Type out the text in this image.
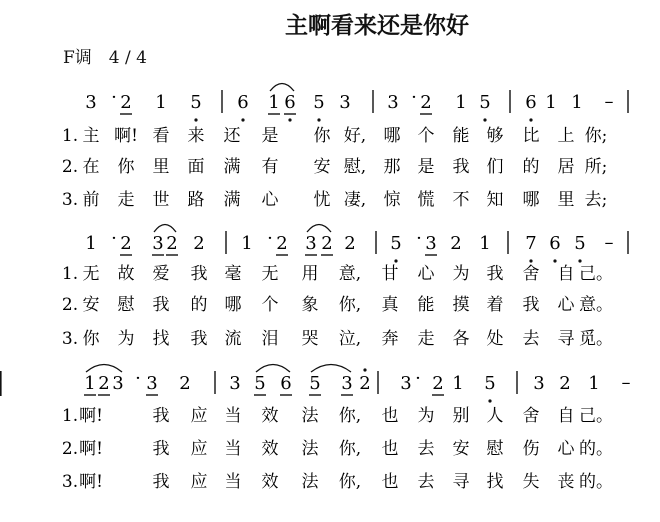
主啊看来还是你好
F调　4 / 4
3 · 2 1 5 6 1 6 5 3 3 · 2 1 5 6 1 1 –
1. 主 啊! 看 来 还 是 你 好, 哪 个 能 够 比 上 你;
2. 在 你 里 面 满 有 安 慰, 那 是 我 们 的 居 所;
3. 前 走 世 路 满 心 忧 凄, 惊 慌 不 知 哪 里 去;
1 · 2 3 2 2 1 · 2 3 2 2 5 · 3 2 1 7 6 5 –
1. 无 故 爱 我 毫 无 用 意, 甘 心 为 我 舍 自 己。
2. 安 慰 我 的 哪 个 象 你, 真 能 摸 着 我 心 意。
3. 你 为 找 我 流 泪 哭 泣, 奔 走 各 处 去 寻 觅。
1 2 3 · 3 2 3 5 6 5 3 2 3 · 2 1 5 3 2 1 –
1. 啊!	我 应 当 效 法 你, 也 为 别 人 舍 自 己。
2. 啊!	我 应 当 效 法 你, 也 去 安 慰 伤 心 的。
3. 啊!	我 应 当 效 法 你, 也 去 寻 找 失 丧 的。
